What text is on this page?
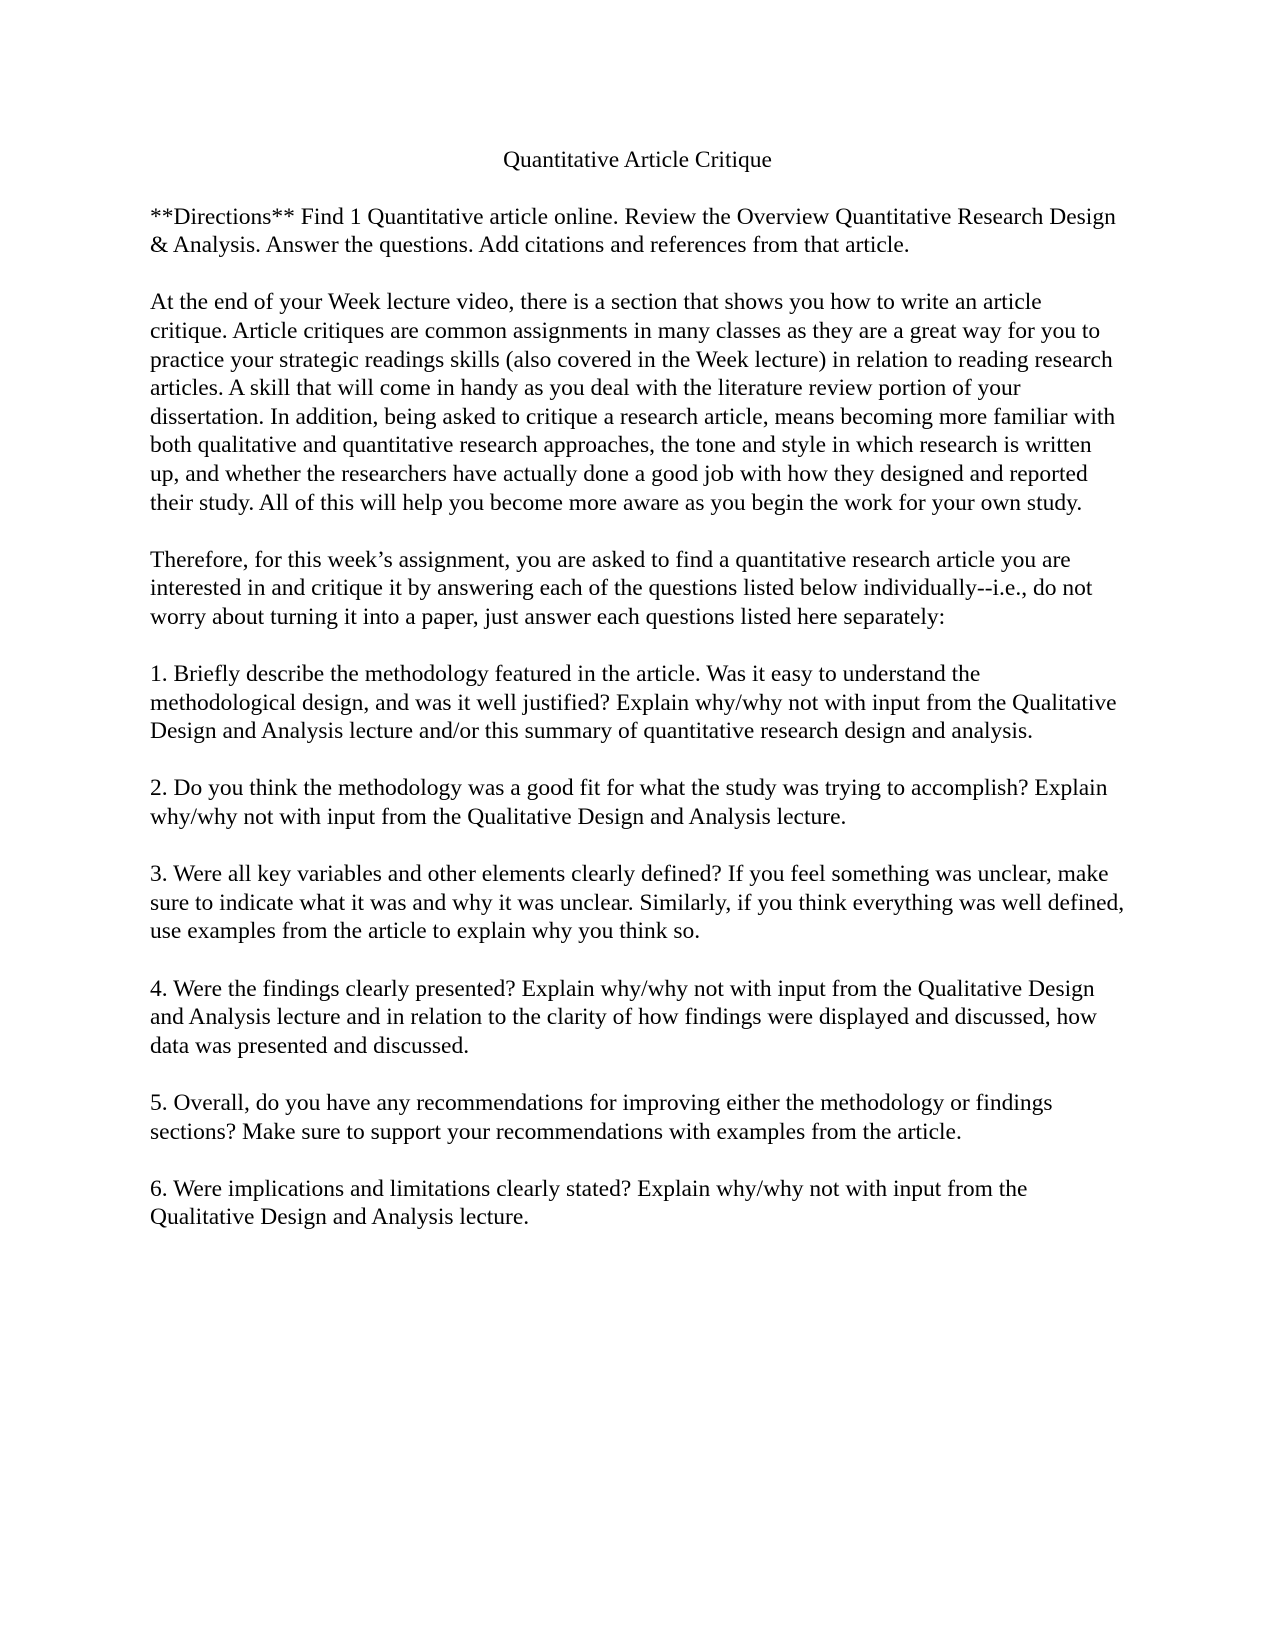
Quantitative Article Critique

**Directions** Find 1 Quantitative article online. Review the Overview Quantitative Research Design & Analysis. Answer the questions. Add citations and references from that article.

At the end of your Week lecture video, there is a section that shows you how to write an article critique. Article critiques are common assignments in many classes as they are a great way for you to practice your strategic readings skills (also covered in the Week lecture) in relation to reading research articles. A skill that will come in handy as you deal with the literature review portion of your dissertation. In addition, being asked to critique a research article, means becoming more familiar with both qualitative and quantitative research approaches, the tone and style in which research is written up, and whether the researchers have actually done a good job with how they designed and reported their study. All of this will help you become more aware as you begin the work for your own study.

Therefore, for this week’s assignment, you are asked to find a quantitative research article you are interested in and critique it by answering each of the questions listed below individually--i.e., do not worry about turning it into a paper, just answer each questions listed here separately:

1. Briefly describe the methodology featured in the article. Was it easy to understand the methodological design, and was it well justified? Explain why/why not with input from the Qualitative Design and Analysis lecture and/or this summary of quantitative research design and analysis.

2. Do you think the methodology was a good fit for what the study was trying to accomplish? Explain why/why not with input from the Qualitative Design and Analysis lecture.

3. Were all key variables and other elements clearly defined? If you feel something was unclear, make sure to indicate what it was and why it was unclear. Similarly, if you think everything was well defined, use examples from the article to explain why you think so.

4. Were the findings clearly presented? Explain why/why not with input from the Qualitative Design and Analysis lecture and in relation to the clarity of how findings were displayed and discussed, how data was presented and discussed.

5. Overall, do you have any recommendations for improving either the methodology or findings sections? Make sure to support your recommendations with examples from the article.

6. Were implications and limitations clearly stated? Explain why/why not with input from the Qualitative Design and Analysis lecture.
